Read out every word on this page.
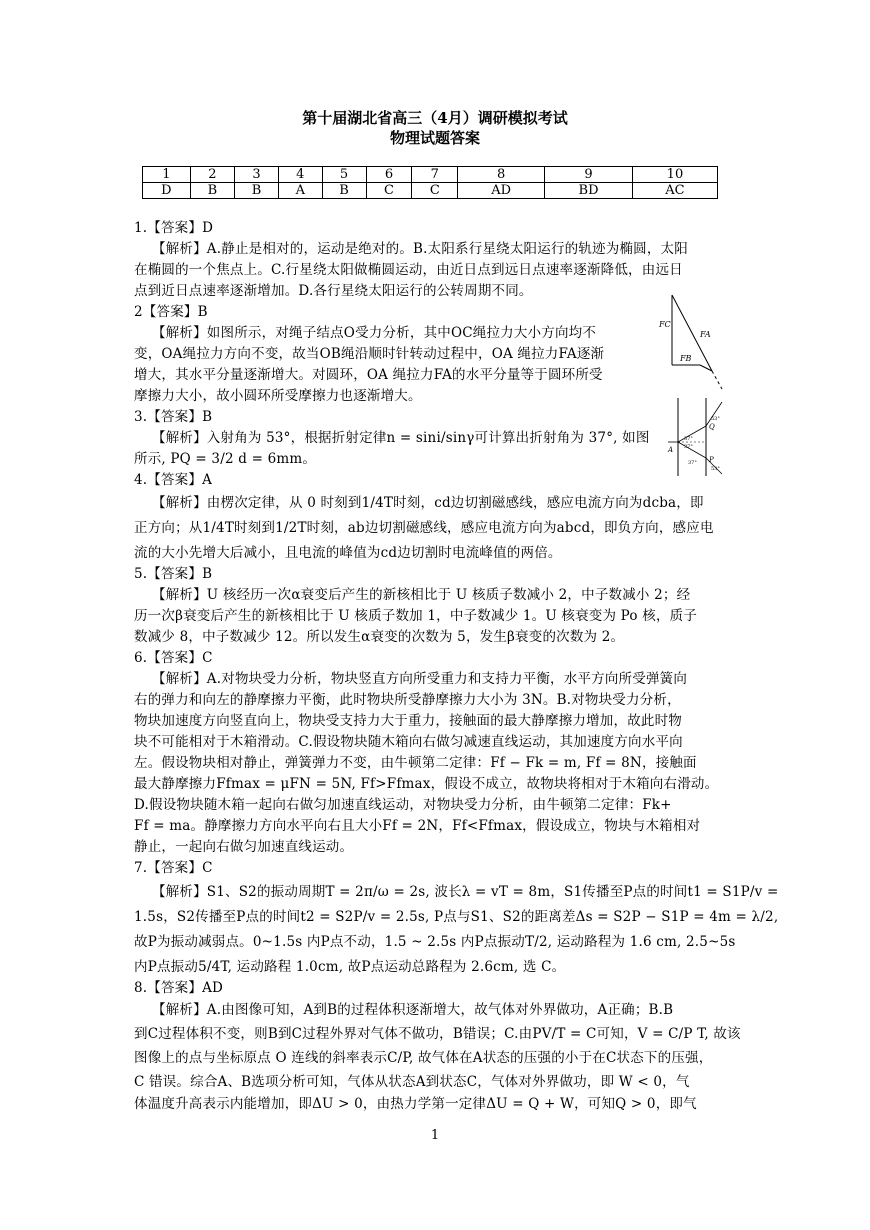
第十届湖北省高三（4月）调研模拟考试
物理试题答案
1	2	3	4	5	6	7	8	9	10
D	B	B	A	B	C	C	AD	BD	AC
1.【答案】D
【解析】A.静止是相对的，运动是绝对的。B.太阳系行星绕太阳运行的轨迹为椭圆，太阳
在椭圆的一个焦点上。C.行星绕太阳做椭圆运动，由近日点到远日点速率逐渐降低，由远日
点到近日点速率逐渐增加。D.各行星绕太阳运行的公转周期不同。
2【答案】B
【解析】如图所示，对绳子结点O受力分析，其中OC绳拉力大小方向均不
变，OA绳拉力方向不变，故当OB绳沿顺时针转动过程中，OA 绳拉力FA逐渐
增大，其水平分量逐渐增大。对圆环，OA 绳拉力FA的水平分量等于圆环所受
摩擦力大小，故小圆环所受摩擦力也逐渐增大。
3.【答案】B
【解析】入射角为 53°，根据折射定律n = sini/sinγ可计算出折射角为 37°, 如图
所示, PQ = 3/2 d = 6mm。
4.【答案】A
【解析】由楞次定律，从 0 时刻到1/4T时刻，cd边切割磁感线，感应电流方向为dcba，即
正方向；从1/4T时刻到1/2T时刻，ab边切割磁感线，感应电流方向为abcd，即负方向，感应电
流的大小先增大后减小，且电流的峰值为cd边切割时电流峰值的两倍。
5.【答案】B
【解析】U 核经历一次α衰变后产生的新核相比于 U 核质子数减小 2，中子数减小 2；经
历一次β衰变后产生的新核相比于 U 核质子数加 1，中子数减少 1。U 核衰变为 Po 核，质子
数减少 8，中子数减少 12。所以发生α衰变的次数为 5，发生β衰变的次数为 2。
6.【答案】C
【解析】A.对物块受力分析，物块竖直方向所受重力和支持力平衡，水平方向所受弹簧向
右的弹力和向左的静摩擦力平衡，此时物块所受静摩擦力大小为 3N。B.对物块受力分析，
物块加速度方向竖直向上，物块受支持力大于重力，接触面的最大静摩擦力增加，故此时物
块不可能相对于木箱滑动。C.假设物块随木箱向右做匀减速直线运动，其加速度方向水平向
左。假设物块相对静止，弹簧弹力不变，由牛顿第二定律：Ff − Fk = m, Ff = 8N，接触面
最大静摩擦力Ffmax = μFN = 5N, Ff>Ffmax，假设不成立，故物块将相对于木箱向右滑动。
D.假设物块随木箱一起向右做匀加速直线运动，对物块受力分析，由牛顿第二定律：Fk+
Ff = ma。静摩擦力方向水平向右且大小Ff = 2N，Ff<Ffmax，假设成立，物块与木箱相对
静止，一起向右做匀加速直线运动。
7.【答案】C
【解析】S1、S2的振动周期T = 2π/ω = 2s, 波长λ = vT = 8m，S1传播至P点的时间t1 = S1P/v =
1.5s，S2传播至P点的时间t2 = S2P/v = 2.5s, P点与S1、S2的距离差Δs = S2P − S1P = 4m = λ/2,
故P为振动减弱点。0~1.5s 内P点不动，1.5 ~ 2.5s 内P点振动T/2, 运动路程为 1.6 cm, 2.5~5s
内P点振动5/4T, 运动路程 1.0cm, 故P点运动总路程为 2.6cm, 选 C。
8.【答案】AD
【解析】A.由图像可知，A到B的过程体积逐渐增大，故气体对外界做功，A正确；B.B
到C过程体积不变，则B到C过程外界对气体不做功，B错误；C.由PV/T = C可知，V = C/P T, 故该
图像上的点与坐标原点 O 连线的斜率表示C/P, 故气体在A状态的压强的小于在C状态下的压强，
C 错误。综合A、B选项分析可知，气体从状态A到状态C，气体对外界做功，即 W < 0，气
体温度升高表示内能增加，即ΔU > 0，由热力学第一定律ΔU = Q + W，可知Q > 0，即气
FC
FA
FB
Q
A
P
53°
37°
37°
37°
53°
1
